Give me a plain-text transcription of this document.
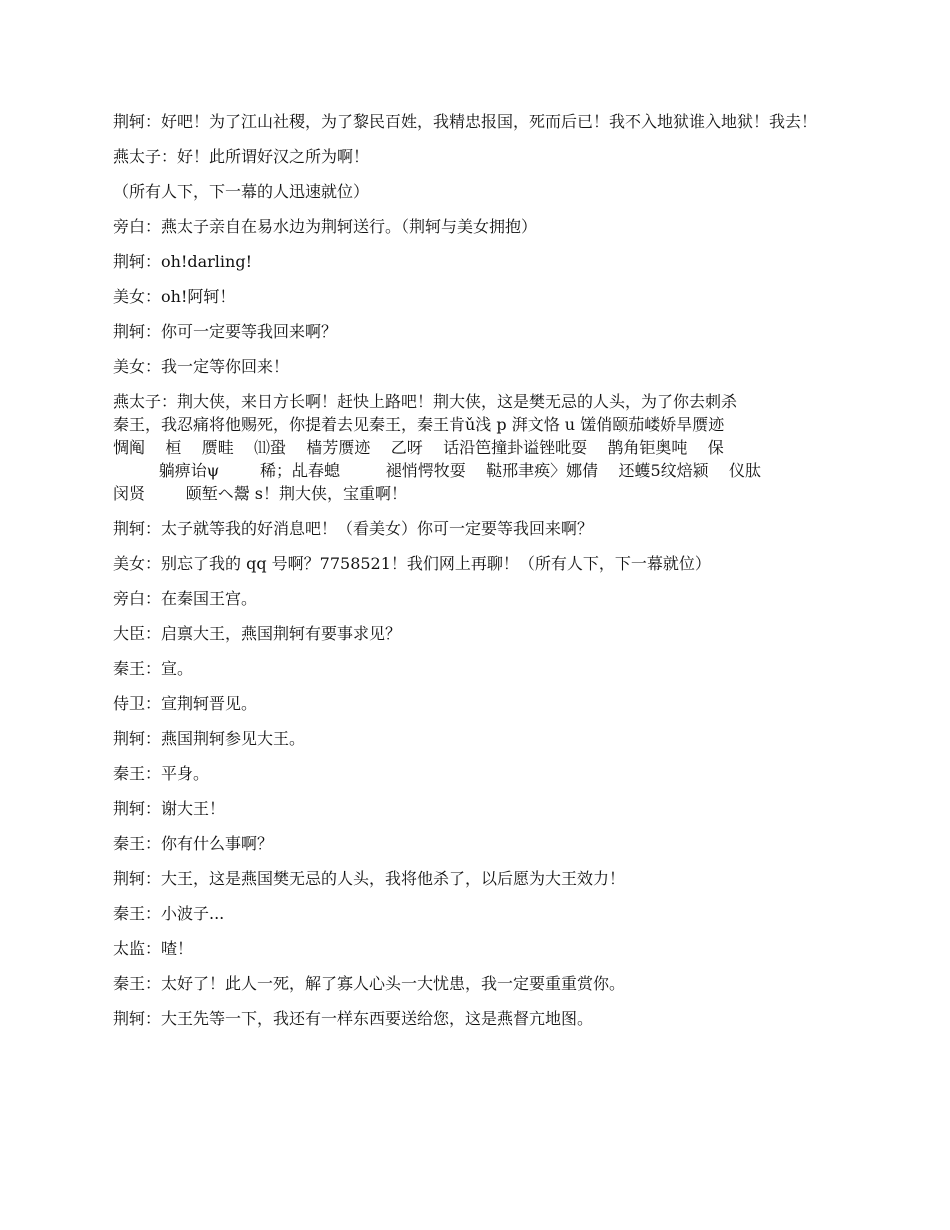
荆轲：好吧！为了江山社稷，为了黎民百姓，我精忠报国，死而后已！我不入地狱谁入地狱！我去！

燕太子：好！此所谓好汉之所为啊！

（所有人下，下一幕的人迅速就位）

旁白：燕太子亲自在易水边为荆轲送行。（荆轲与美女拥抱）

荆轲：oh!darling!

美女：oh!阿轲！

荆轲：你可一定要等我回来啊？

美女：我一定等你回来！

燕太子：荆大侠，来日方长啊！赶快上路吧！荆大侠，这是樊无忌的人头，为了你去刺杀
秦王，我忍痛将他赐死，你提着去见秦王，秦王肯ǔ浅 p 湃文恪 u 馐俏颐茄嵝娇旱赝迹
惆阄    桓    赝畦    ⑾蛩    樯芳赝迹    乙呀    话沿笆撞卦谥锉吡耍    鹊角钜奥吨    保
躺痹诒ψ        稀；乩春螅         褪悄愕牧耍    鞑邢聿痪〉娜倩    还蠖5纹焙颍    仪肽
闵贤        颐堑ヘ鬶 s！荆大侠，宝重啊！

荆轲：太子就等我的好消息吧！（看美女）你可一定要等我回来啊？

美女：别忘了我的 qq 号啊？7758521！我们网上再聊！（所有人下，下一幕就位）

旁白：在秦国王宫。

大臣：启禀大王，燕国荆轲有要事求见？

秦王：宣。

侍卫：宣荆轲晋见。

荆轲：燕国荆轲参见大王。

秦王：平身。

荆轲：谢大王！

秦王：你有什么事啊？

荆轲：大王，这是燕国樊无忌的人头，我将他杀了，以后愿为大王效力！

秦王：小波子...

太监：喳！

秦王：太好了！此人一死，解了寡人心头一大忧患，我一定要重重赏你。

荆轲：大王先等一下，我还有一样东西要送给您，这是燕督亢地图。
